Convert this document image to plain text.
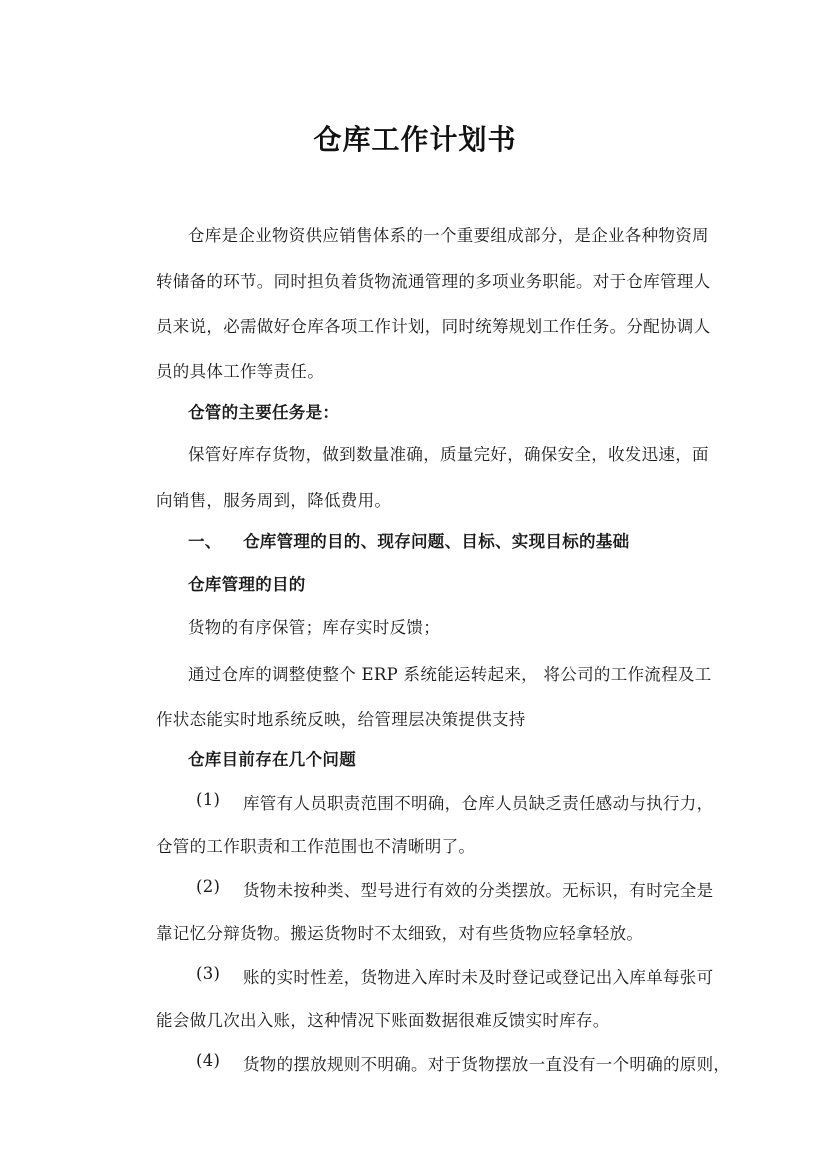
仓库工作计划书
仓库是企业物资供应销售体系的一个重要组成部分，是企业各种物资周
转储备的环节。同时担负着货物流通管理的多项业务职能。对于仓库管理人
员来说，必需做好仓库各项工作计划，同时统筹规划工作任务。分配协调人
员的具体工作等责任。
仓管的主要任务是：
保管好库存货物，做到数量准确，质量完好，确保安全，收发迅速，面
向销售，服务周到，降低费用。
一、 仓库管理的目的、现存问题、目标、实现目标的基础
仓库管理的目的
货物的有序保管；库存实时反馈；
通过仓库的调整使整个 ERP 系统能运转起来， 将公司的工作流程及工
作状态能实时地系统反映，给管理层决策提供支持
仓库目前存在几个问题
(1) 库管有人员职责范围不明确，仓库人员缺乏责任感动与执行力，
仓管的工作职责和工作范围也不清晰明了。
(2) 货物未按种类、型号进行有效的分类摆放。无标识，有时完全是
靠记忆分辩货物。搬运货物时不太细致，对有些货物应轻拿轻放。
(3) 账的实时性差，货物进入库时未及时登记或登记出入库单每张可
能会做几次出入账，这种情况下账面数据很难反馈实时库存。
(4) 货物的摆放规则不明确。对于货物摆放一直没有一个明确的原则，
